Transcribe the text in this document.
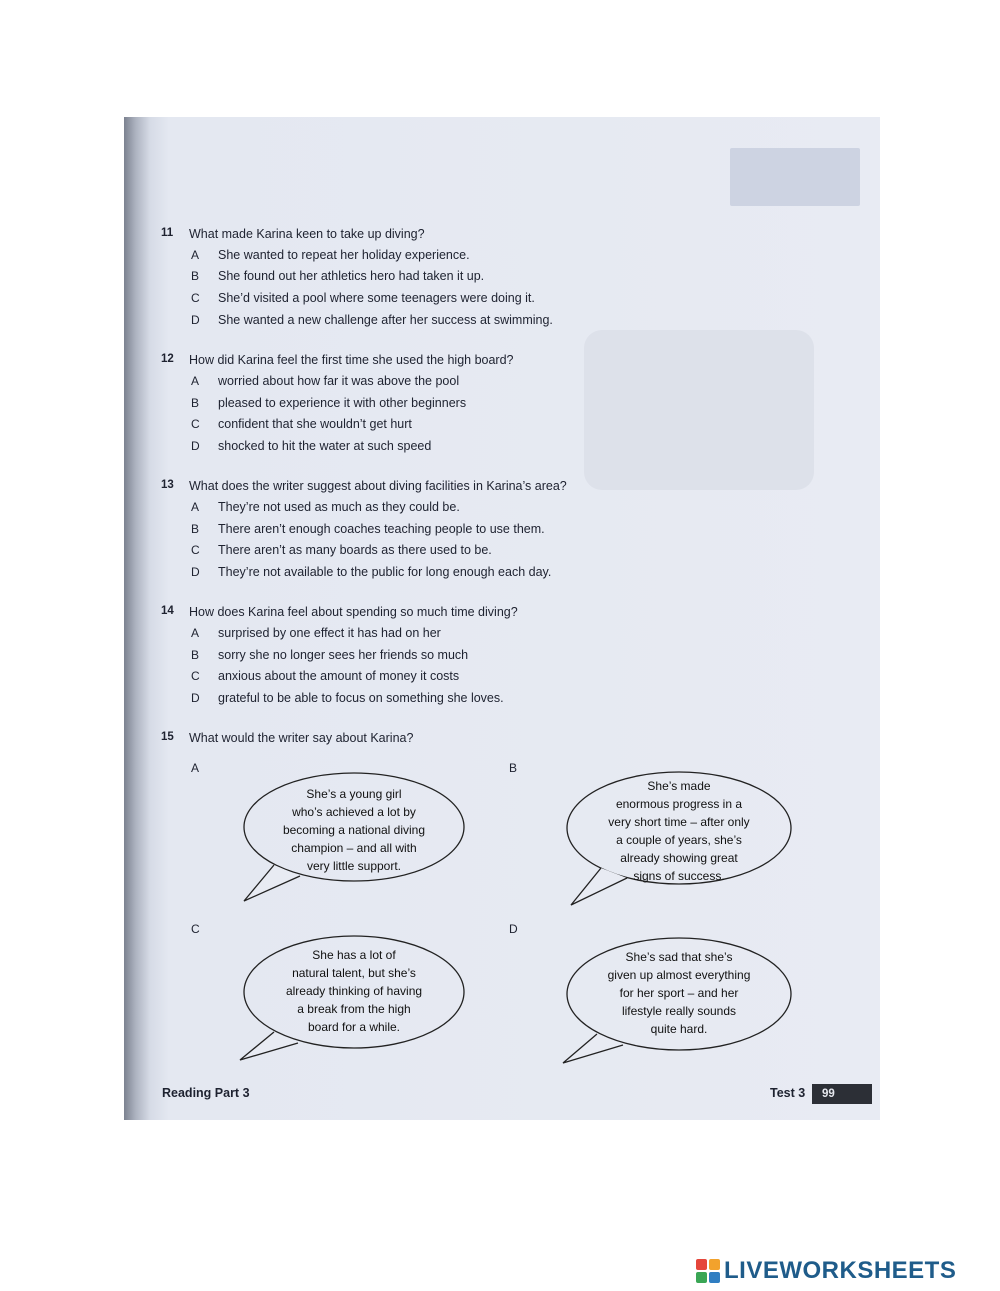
11	What made Karina keen to take up diving?
A	She wanted to repeat her holiday experience.
B	She found out her athletics hero had taken it up.
C	She’d visited a pool where some teenagers were doing it.
D	She wanted a new challenge after her success at swimming.
12	How did Karina feel the first time she used the high board?
A	worried about how far it was above the pool
B	pleased to experience it with other beginners
C	confident that she wouldn’t get hurt
D	shocked to hit the water at such speed
13	What does the writer suggest about diving facilities in Karina’s area?
A	They’re not used as much as they could be.
B	There aren’t enough coaches teaching people to use them.
C	There aren’t as many boards as there used to be.
D	They’re not available to the public for long enough each day.
14	How does Karina feel about spending so much time diving?
A	surprised by one effect it has had on her
B	sorry she no longer sees her friends so much
C	anxious about the amount of money it costs
D	grateful to be able to focus on something she loves.
15	What would the writer say about Karina?
A
She’s a young girl
who’s achieved a lot by
becoming a national diving
champion – and all with
very little support.
B
She’s made
enormous progress in a
very short time – after only
a couple of years, she’s
already showing great
signs of success.
C
She has a lot of
natural talent, but she’s
already thinking of having
a break from the high
board for a while.
D
She’s sad that she’s
given up almost everything
for her sport – and her
lifestyle really sounds
quite hard.
Reading Part 3	Test 3	99
LIVEWORKSHEETS
